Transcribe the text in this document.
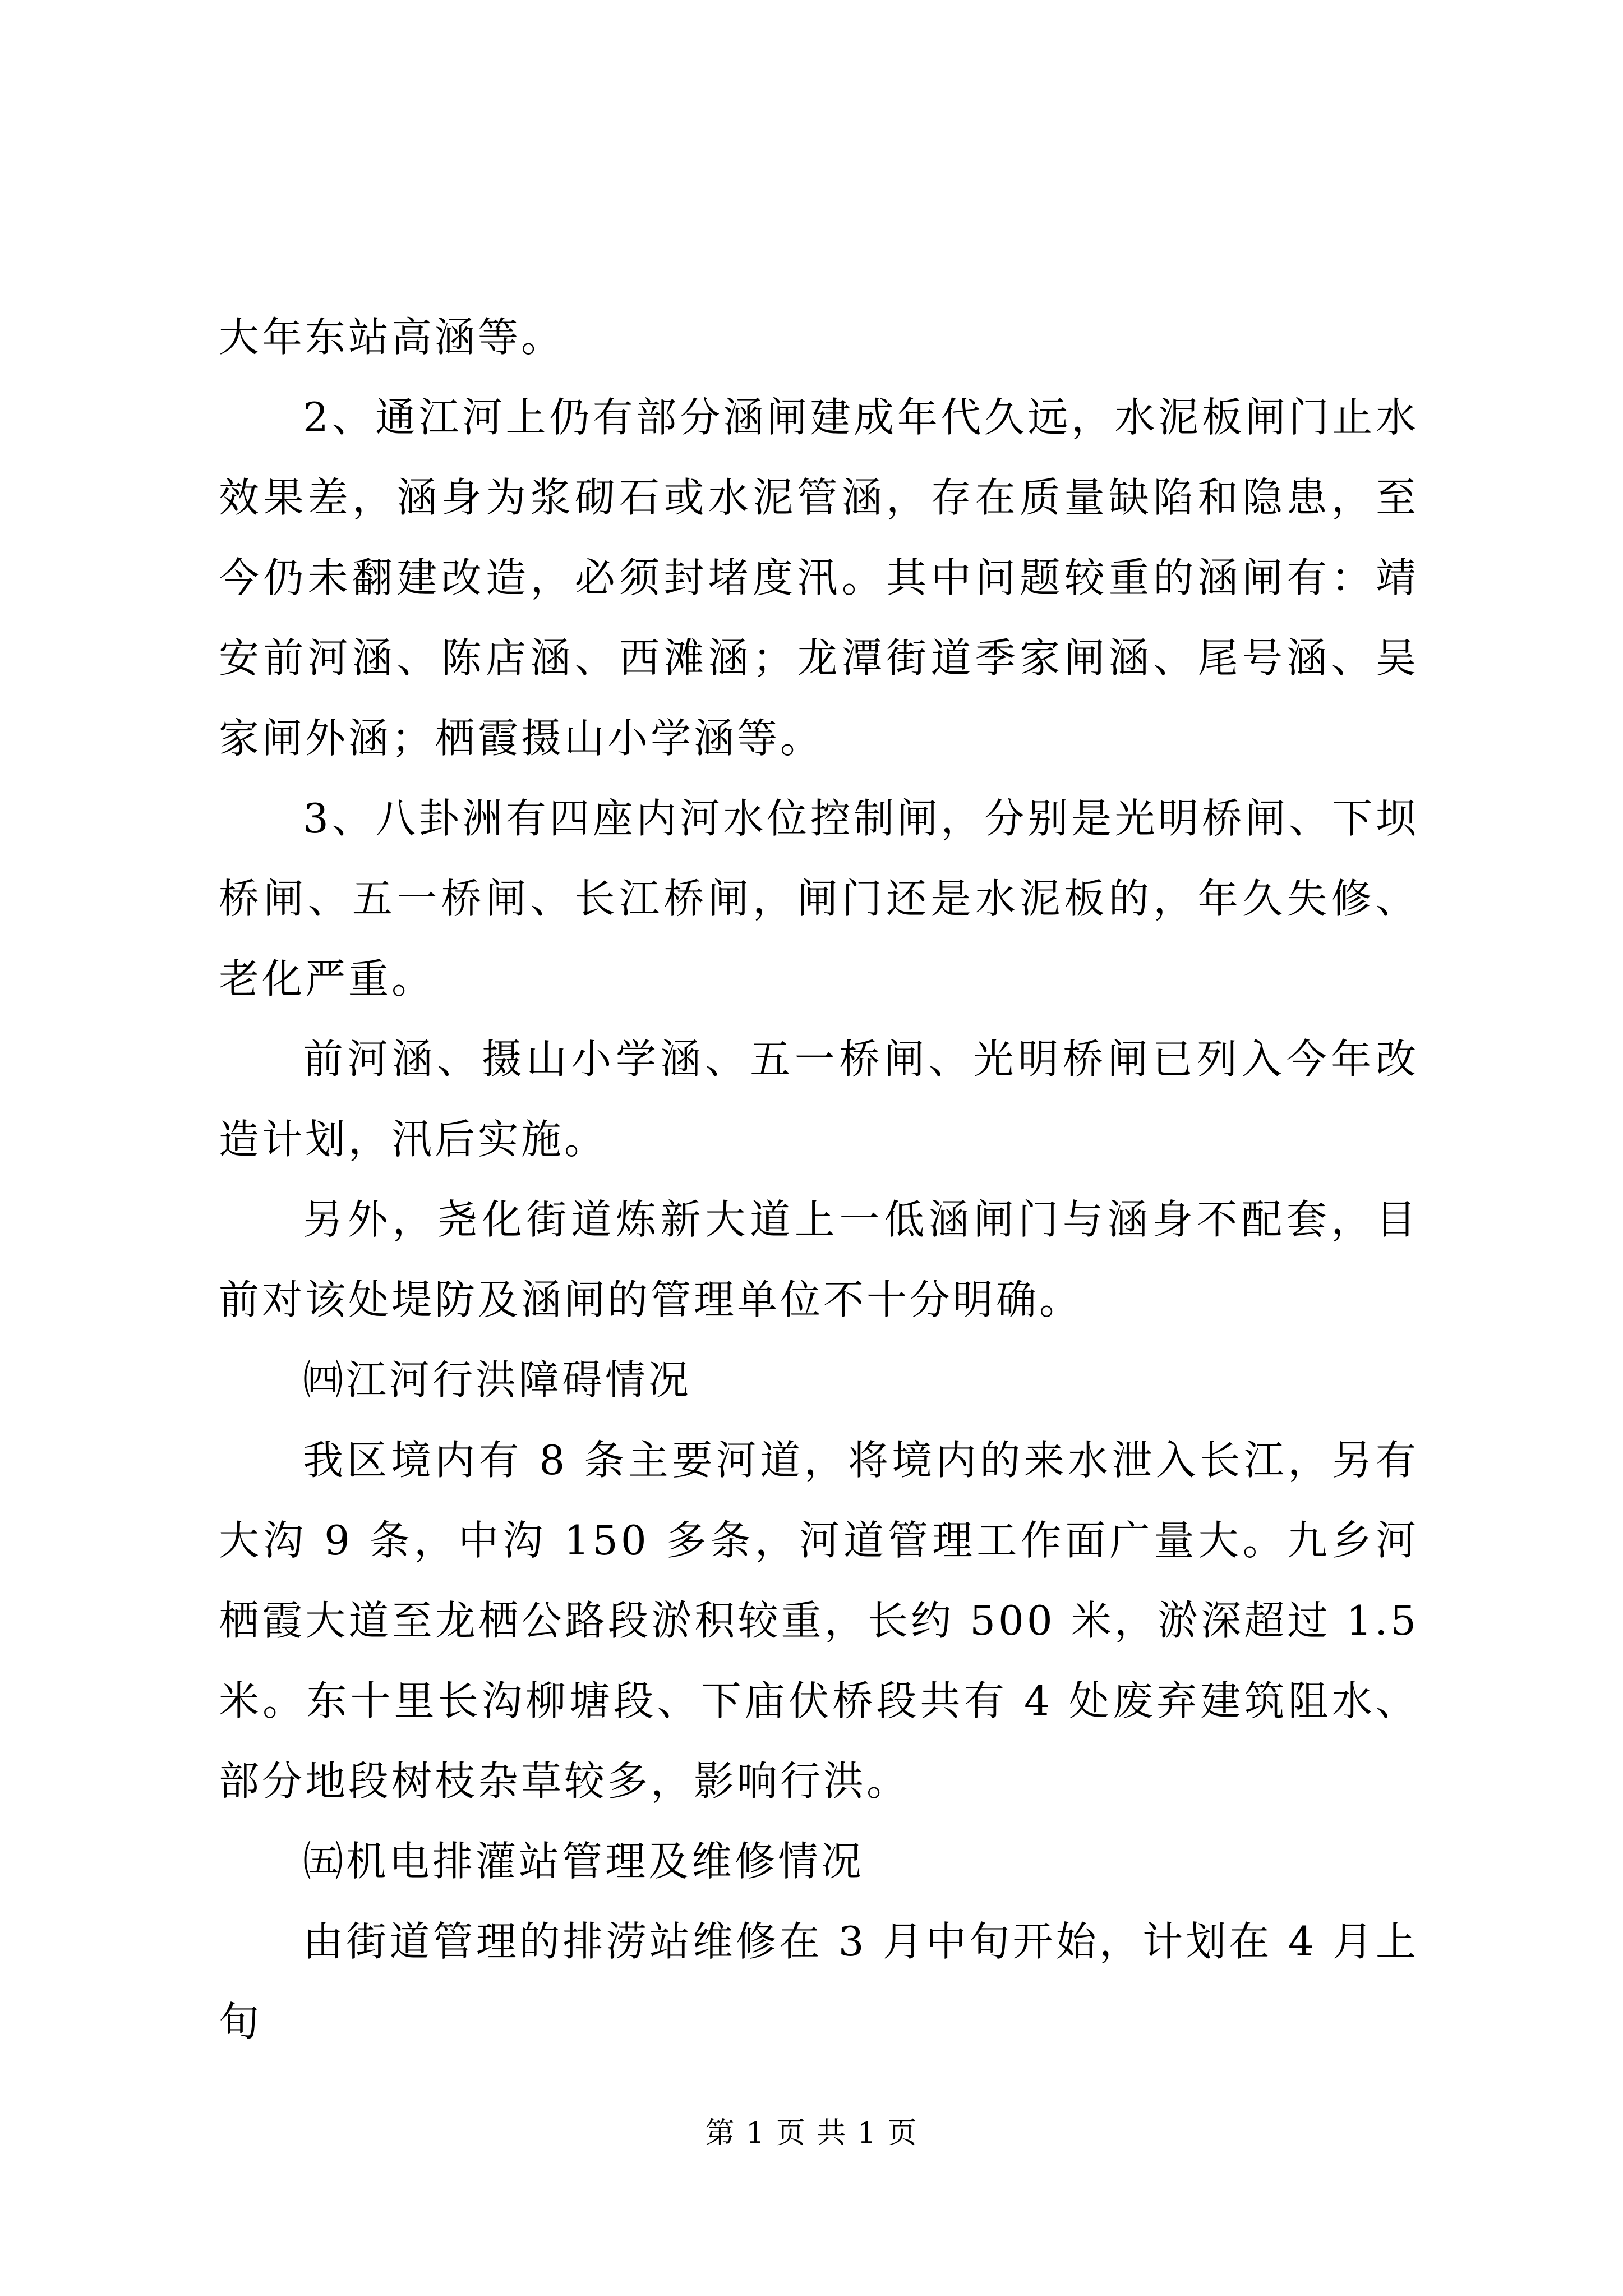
大年东站高涵等。

2、通江河上仍有部分涵闸建成年代久远，水泥板闸门止水效果差，涵身为浆砌石或水泥管涵，存在质量缺陷和隐患，至今仍未翻建改造，必须封堵度汛。其中问题较重的涵闸有：靖安前河涵、陈店涵、西滩涵；龙潭街道季家闸涵、尾号涵、吴家闸外涵；栖霞摄山小学涵等。

3、八卦洲有四座内河水位控制闸，分别是光明桥闸、下坝桥闸、五一桥闸、长江桥闸，闸门还是水泥板的，年久失修、老化严重。

前河涵、摄山小学涵、五一桥闸、光明桥闸已列入今年改造计划，汛后实施。

另外，尧化街道炼新大道上一低涵闸门与涵身不配套，目前对该处堤防及涵闸的管理单位不十分明确。

㈣江河行洪障碍情况

我区境内有 8 条主要河道，将境内的来水泄入长江，另有大沟 9 条，中沟 150 多条，河道管理工作面广量大。九乡河栖霞大道至龙栖公路段淤积较重，长约 500 米，淤深超过 1.5 米。东十里长沟柳塘段、下庙伏桥段共有 4 处废弃建筑阻水、部分地段树枝杂草较多，影响行洪。

㈤机电排灌站管理及维修情况

由街道管理的排涝站维修在 3 月中旬开始，计划在 4 月上旬

第 1 页 共 1 页
